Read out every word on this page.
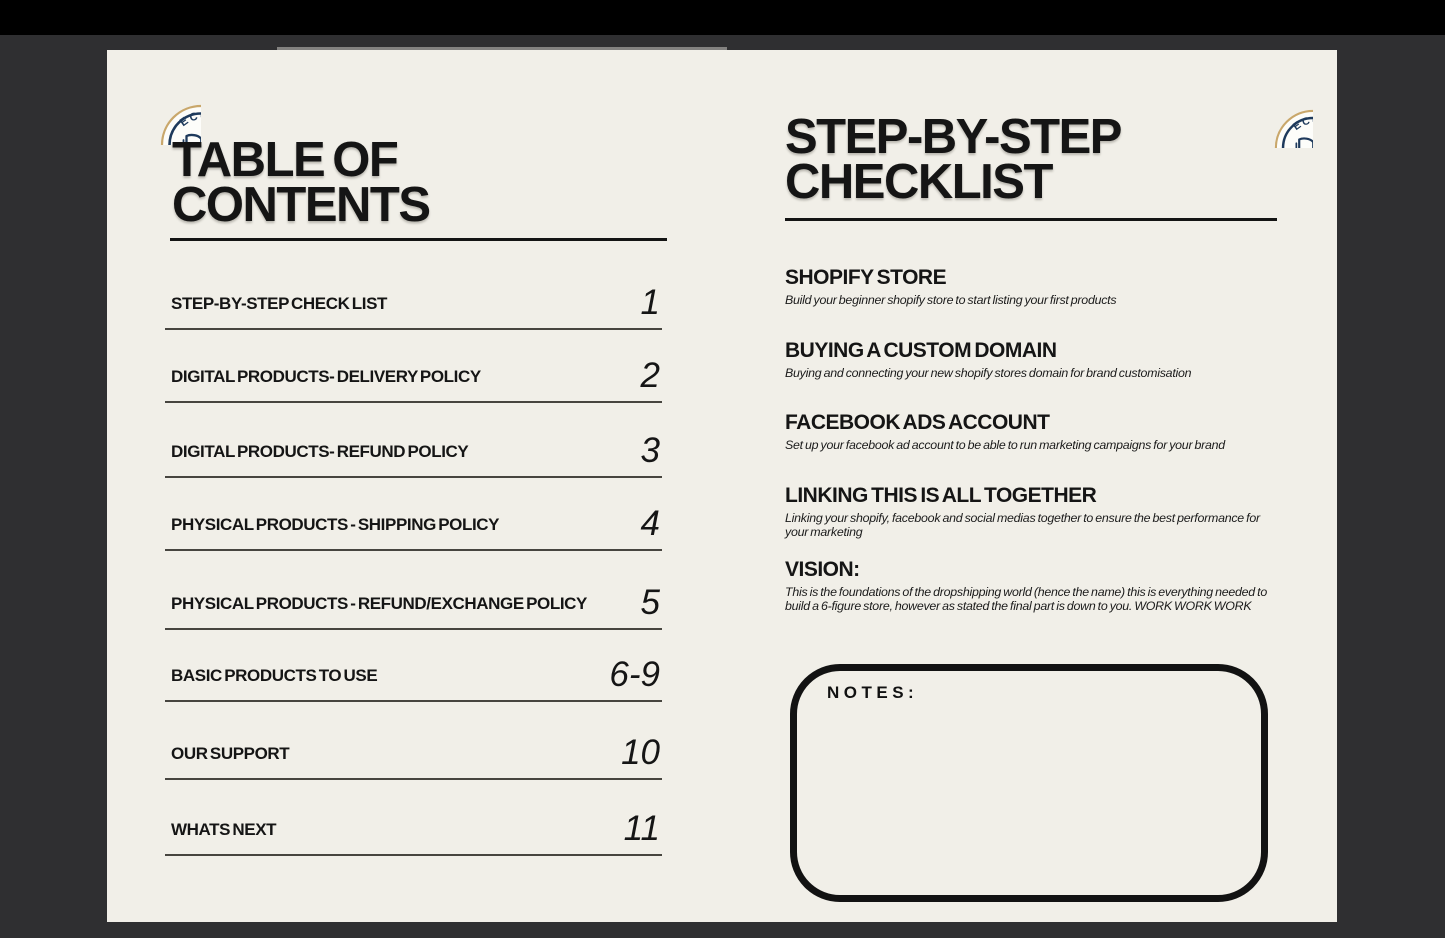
TABLE OF
CONTENTS
STEP-BY-STEP CHECK LIST	1
DIGITAL PRODUCTS- DELIVERY POLICY	2
DIGITAL PRODUCTS- REFUND POLICY	3
PHYSICAL PRODUCTS - SHIPPING POLICY	4
PHYSICAL PRODUCTS - REFUND/EXCHANGE POLICY 5
BASIC PRODUCTS TO USE	6-9
OUR SUPPORT	10
WHATS NEXT	11
STEP-BY-STEP
CHECKLIST
SHOPIFY STORE

Build your beginner shopify store to start listing your first products

BUYING A CUSTOM DOMAIN

Buying and connecting your new shopify stores domain for brand customisation

FACEBOOK ADS ACCOUNT

Set up your facebook ad account to be able to run marketing campaigns for your brand

LINKING THIS IS ALL TOGETHER

Linking your shopify, facebook and social medias together to ensure the best performance for your marketing

VISION:

This is the foundations of the dropshipping world (hence the name) this is everything needed to build a 6-figure store, however as stated the final part is down to you. WORK WORK WORK

NOTES:
